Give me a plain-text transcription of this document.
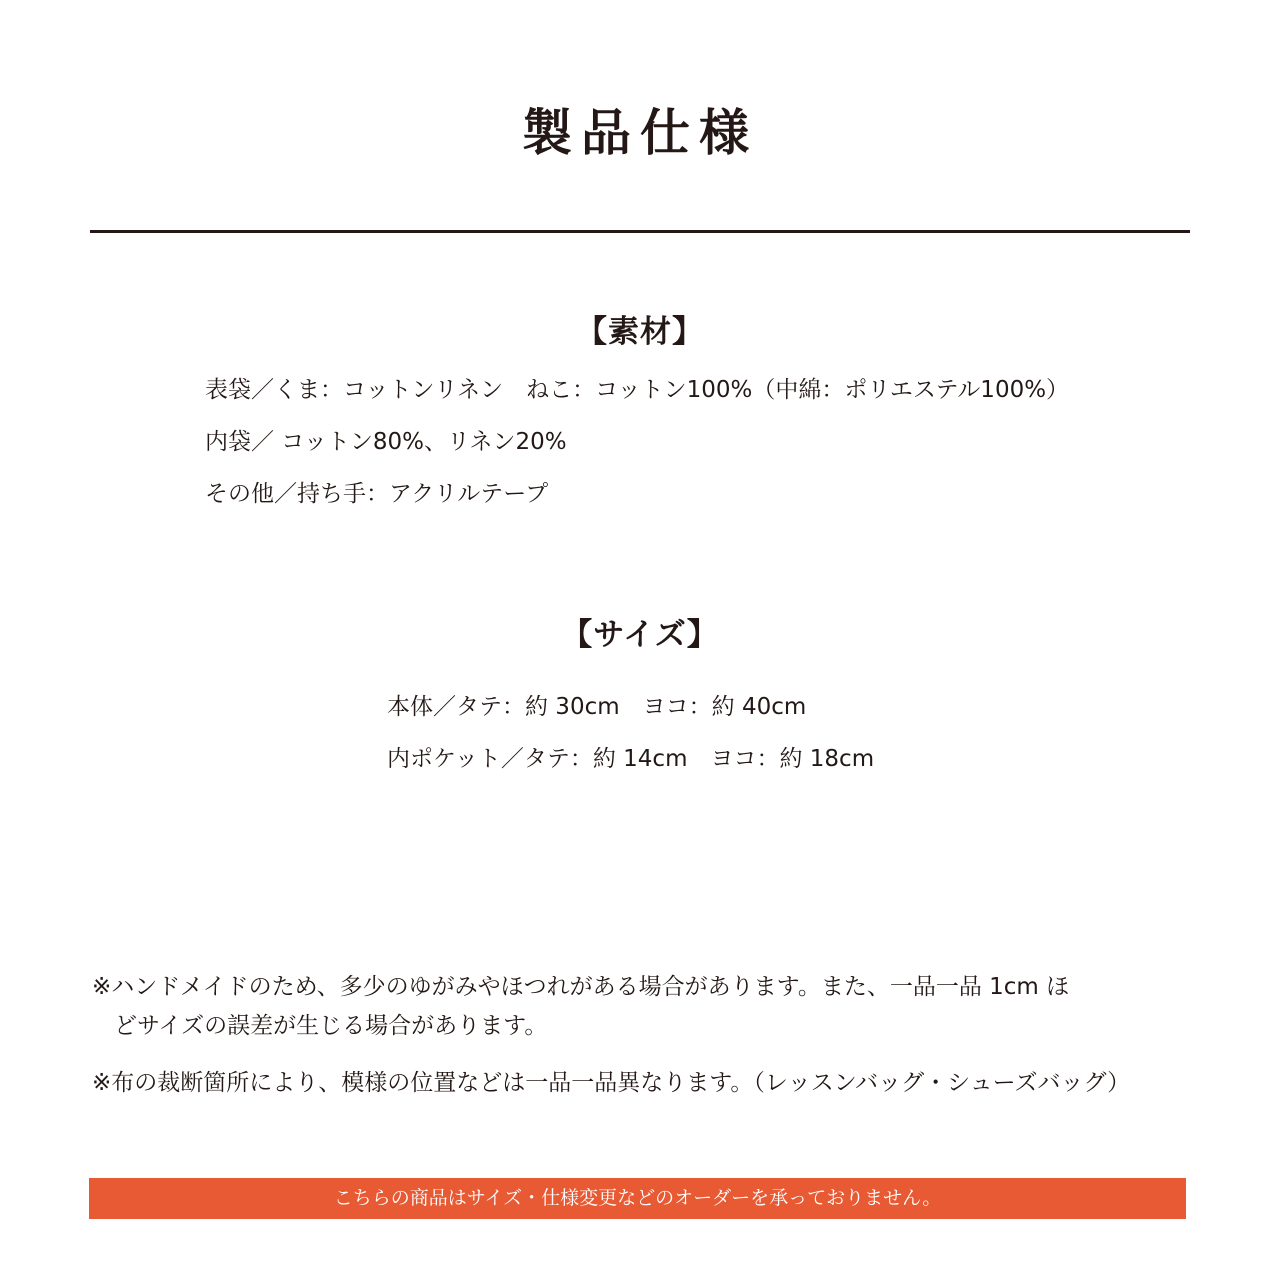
製品仕様
【素材】
表袋／くま：コットンリネン　ねこ：コットン100%（中綿：ポリエステル100%）
内袋／ コットン80%、リネン20%
その他／持ち手：アクリルテープ
【サイズ】
本体／タテ：約 30cm　ヨコ：約 40cm
内ポケット／タテ：約 14cm　ヨコ：約 18cm
※ハンドメイドのため、多少のゆがみやほつれがある場合があります。また、一品一品 1cm ほ
どサイズの誤差が生じる場合があります。
※布の裁断箇所により、模様の位置などは一品一品異なります。（レッスンバッグ・シューズバッグ）
こちらの商品はサイズ・仕様変更などのオーダーを承っておりません。
